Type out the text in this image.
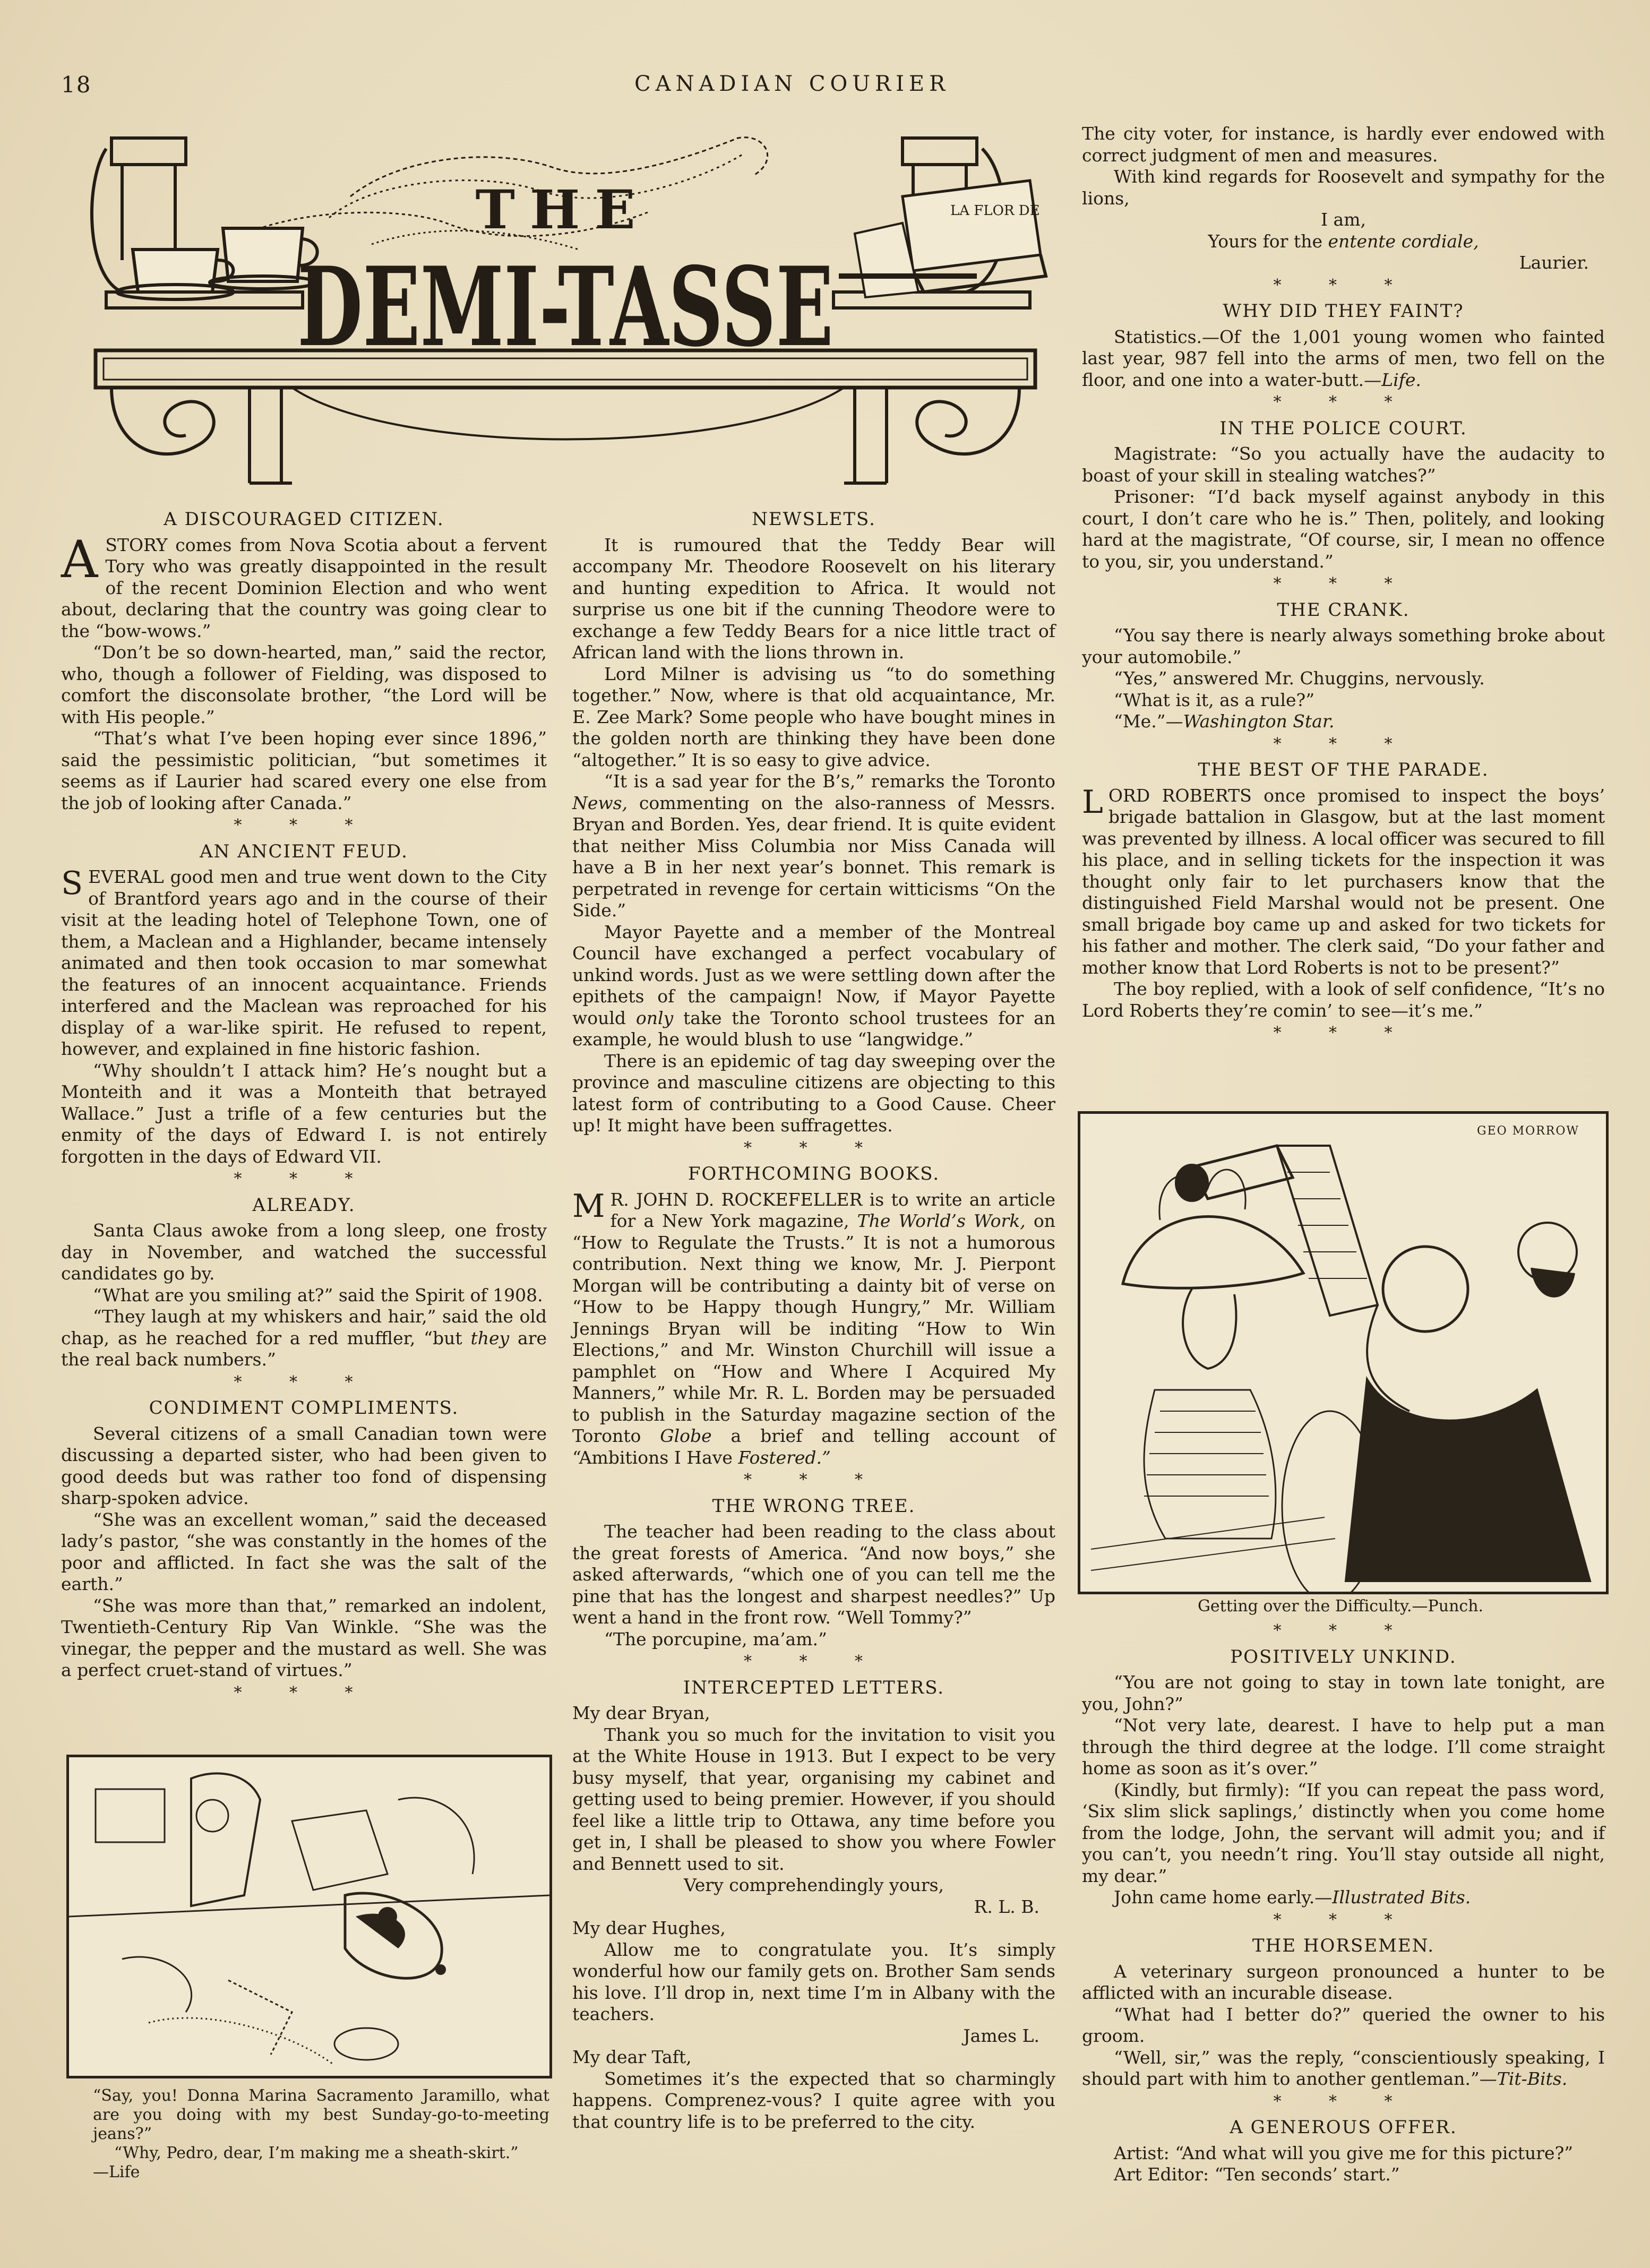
18	CANADIAN COURIER
LA FLOR DE
THE
DEMI-TASSE
A DISCOURAGED CITIZEN.

ASTORY comes from Nova Scotia about a fervent Tory who was greatly disappointed in the result of the recent Dominion Election and who went about, declaring that the country was going clear to the “bow-wows.”

“Don’t be so down-hearted, man,” said the rector, who, though a follower of Fielding, was disposed to comfort the disconsolate brother, “the Lord will be with His people.”

“That’s what I’ve been hoping ever since 1896,” said the pessimistic politician, “but sometimes it seems as if Laurier had scared every one else from the job of looking after Canada.”

* * *
AN ANCIENT FEUD.

SEVERAL good men and true went down to the City of Brantford years ago and in the course of their visit at the leading hotel of Telephone Town, one of them, a Maclean and a Highlander, became intensely animated and then took occasion to mar somewhat the features of an innocent acquaintance. Friends interfered and the Maclean was reproached for his display of a war-like spirit. He refused to repent, however, and explained in fine historic fashion.

“Why shouldn’t I attack him? He’s nought but a Monteith and it was a Monteith that betrayed Wallace.” Just a trifle of a few centuries but the enmity of the days of Edward I. is not entirely forgotten in the days of Edward VII.

* * *
ALREADY.

Santa Claus awoke from a long sleep, one frosty day in November, and watched the successful candidates go by.

“What are you smiling at?” said the Spirit of 1908.

“They laugh at my whiskers and hair,” said the old chap, as he reached for a red muffler, “but they are the real back numbers.”

* * *
CONDIMENT COMPLIMENTS.

Several citizens of a small Canadian town were discussing a departed sister, who had been given to good deeds but was rather too fond of dispensing sharp-spoken advice.

“She was an excellent woman,” said the deceased lady’s pastor, “she was constantly in the homes of the poor and afflicted. In fact she was the salt of the earth.”

“She was more than that,” remarked an indolent, Twentieth-Century Rip Van Winkle. “She was the vinegar, the pepper and the mustard as well. She was a perfect cruet-stand of virtues.”

* * *
“Say, you! Donna Marina Sacramento Jaramillo, what are you doing with my best Sunday-go-to-meeting jeans?”
“Why, Pedro, dear, I’m making me a sheath-skirt.”
—Life
NEWSLETS.

It is rumoured that the Teddy Bear will accompany Mr. Theodore Roosevelt on his literary and hunting expedition to Africa. It would not surprise us one bit if the cunning Theodore were to exchange a few Teddy Bears for a nice little tract of African land with the lions thrown in.

Lord Milner is advising us “to do something together.” Now, where is that old acquaintance, Mr. E. Zee Mark? Some people who have bought mines in the golden north are thinking they have been done “altogether.” It is so easy to give advice.

“It is a sad year for the B’s,” remarks the Toronto News, commenting on the also-ranness of Messrs. Bryan and Borden. Yes, dear friend. It is quite evident that neither Miss Columbia nor Miss Canada will have a B in her next year’s bonnet. This remark is perpetrated in revenge for certain witticisms “On the Side.”

Mayor Payette and a member of the Montreal Council have exchanged a perfect vocabulary of unkind words. Just as we were settling down after the epithets of the campaign! Now, if Mayor Payette would only take the Toronto school trustees for an example, he would blush to use “langwidge.”

There is an epidemic of tag day sweeping over the province and masculine citizens are objecting to this latest form of contributing to a Good Cause. Cheer up! It might have been suffragettes.

* * *
FORTHCOMING BOOKS.

M R. JOHN D. ROCKEFELLER is to write an article for a New York magazine, The World’s Work, on “How to Regulate the Trusts.” It is not a humorous contribution. Next thing we know, Mr. J. Pierpont Morgan will be contributing a dainty bit of verse on “How to be Happy though Hungry,” Mr. William Jennings Bryan will be inditing “How to Win Elections,” and Mr. Winston Churchill will issue a pamphlet on “How and Where I Acquired My Manners,” while Mr. R. L. Borden may be persuaded to publish in the Saturday magazine section of the Toronto Globe a brief and telling account of “Ambitions I Have Fostered.”

* * *
THE WRONG TREE.

The teacher had been reading to the class about the great forests of America. “And now boys,” she asked afterwards, “which one of you can tell me the pine that has the longest and sharpest needles?” Up went a hand in the front row. “Well Tommy?”

“The porcupine, ma’am.”

* * *
INTERCEPTED LETTERS.

My dear Bryan,

Thank you so much for the invitation to visit you at the White House in 1913. But I expect to be very busy myself, that year, organising my cabinet and getting used to being premier. However, if you should feel like a little trip to Ottawa, any time before you get in, I shall be pleased to show you where Fowler and Bennett used to sit.

Very comprehendingly yours,

R. L. B.

My dear Hughes,

Allow me to congratulate you. It’s simply wonderful how our family gets on. Brother Sam sends his love. I’ll drop in, next time I’m in Albany with the teachers.

James L.

My dear Taft,

Sometimes it’s the expected that so charmingly happens. Comprenez-vous? I quite agree with you that country life is to be preferred to the city.

The city voter, for instance, is hardly ever endowed with correct judgment of men and measures.

With kind regards for Roosevelt and sympathy for the lions,

I am,

Yours for the entente cordiale,

Laurier.

* * *
WHY DID THEY FAINT?

Statistics.—Of the 1,001 young women who fainted last year, 987 fell into the arms of men, two fell on the floor, and one into a water-butt.—Life.

* * *
IN THE POLICE COURT.

Magistrate: “So you actually have the audacity to boast of your skill in stealing watches?”

Prisoner: “I’d back myself against anybody in this court, I don’t care who he is.” Then, politely, and looking hard at the magistrate, “Of course, sir, I mean no offence to you, sir, you understand.”

* * *
THE CRANK.

“You say there is nearly always something broke about your automobile.”

“Yes,” answered Mr. Chuggins, nervously.

“What is it, as a rule?”

“Me.”—Washington Star.

* * *
THE BEST OF THE PARADE.

LORD ROBERTS once promised to inspect the boys’ brigade battalion in Glasgow, but at the last moment was prevented by illness. A local officer was secured to fill his place, and in selling tickets for the inspection it was thought only fair to let purchasers know that the distinguished Field Marshal would not be present. One small brigade boy came up and asked for two tickets for his father and mother. The clerk said, “Do your father and mother know that Lord Roberts is not to be present?”

The boy replied, with a look of self confidence, “It’s no Lord Roberts they’re comin’ to see—it’s me.”

* * *
GEO MORROW
Getting over the Difficulty.—Punch.
* * *
POSITIVELY UNKIND.

“You are not going to stay in town late tonight, are you, John?”

“Not very late, dearest. I have to help put a man through the third degree at the lodge. I’ll come straight home as soon as it’s over.”

(Kindly, but firmly): “If you can repeat the pass word, ‘Six slim slick saplings,’ distinctly when you come home from the lodge, John, the servant will admit you; and if you can’t, you needn’t ring. You’ll stay outside all night, my dear.”

John came home early.—Illustrated Bits.

* * *
THE HORSEMEN.

A veterinary surgeon pronounced a hunter to be afflicted with an incurable disease.

“What had I better do?” queried the owner to his groom.

“Well, sir,” was the reply, “conscientiously speaking, I should part with him to another gentleman.”—Tit-Bits.

* * *
A GENEROUS OFFER.

Artist: “And what will you give me for this picture?”

Art Editor: “Ten seconds’ start.”
